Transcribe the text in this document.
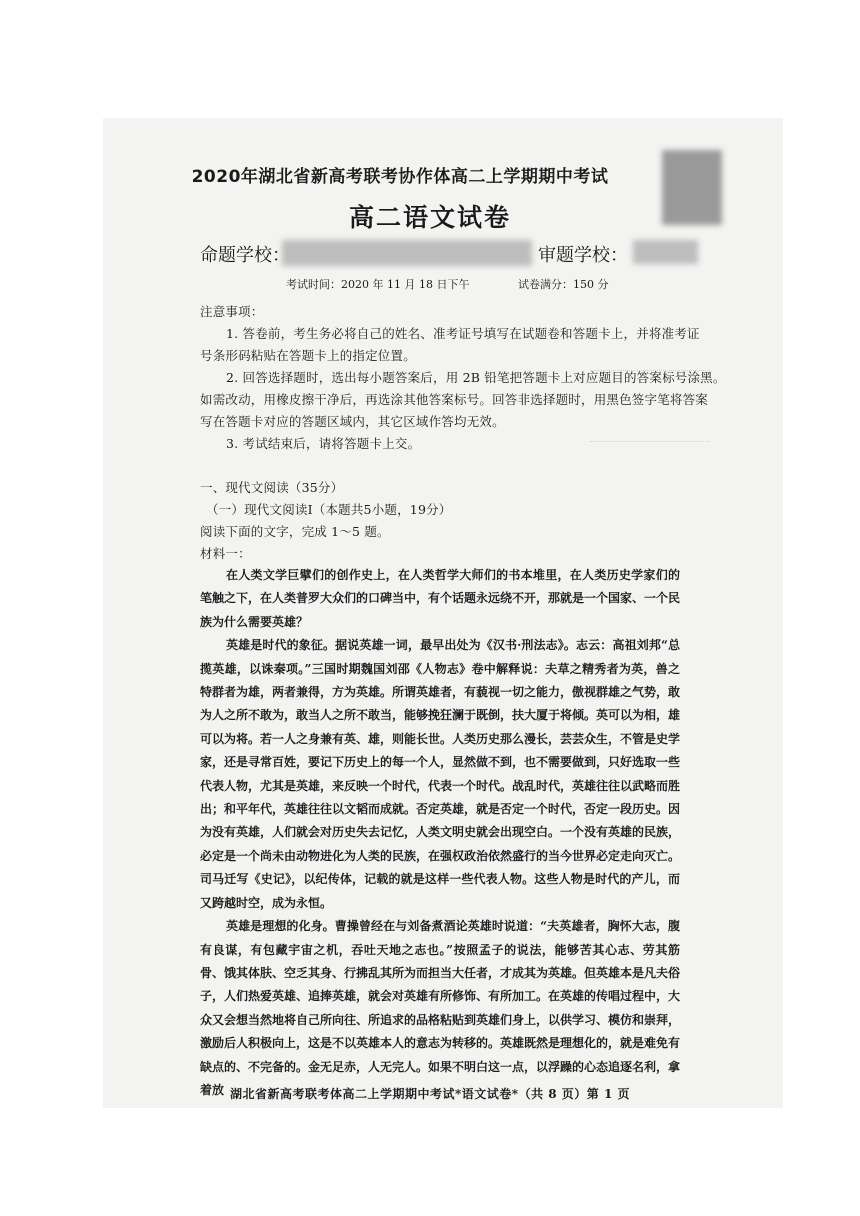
2020年湖北省新高考联考协作体高二上学期期中考试
高二语文试卷
命题学校：	审题学校：
考试时间：2020 年 11 月 18 日下午	试卷满分：150 分
注意事项：
1. 答卷前，考生务必将自己的姓名、准考证号填写在试题卷和答题卡上，并将准考证
号条形码粘贴在答题卡上的指定位置。
2. 回答选择题时，选出每小题答案后，用 2B 铅笔把答题卡上对应题目的答案标号涂黑。
如需改动，用橡皮擦干净后，再选涂其他答案标号。回答非选择题时，用黑色签字笔将答案
写在答题卡对应的答题区域内，其它区域作答均无效。
3. 考试结束后，请将答题卡上交。
一、现代文阅读（35分）
（一）现代文阅读Ⅰ（本题共5小题，19分）
阅读下面的文字，完成 1～5 题。
材料一：

在人类文学巨擘们的创作史上，在人类哲学大师们的书本堆里，在人类历史学家们的笔触之下，在人类普罗大众们的口碑当中，有个话题永远绕不开，那就是一个国家、一个民族为什么需要英雄？

英雄是时代的象征。据说英雄一词，最早出处为《汉书·刑法志》。志云：高祖刘邦“总揽英雄，以诛秦项。”三国时期魏国刘邵《人物志》卷中解释说：夫草之精秀者为英，兽之特群者为雄，两者兼得，方为英雄。所谓英雄者，有藐视一切之能力，傲视群雄之气势，敢为人之所不敢为，敢当人之所不敢当，能够挽狂澜于既倒，扶大厦于将倾。英可以为相，雄可以为将。若一人之身兼有英、雄，则能长世。人类历史那么漫长，芸芸众生，不管是史学家，还是寻常百姓，要记下历史上的每一个人，显然做不到，也不需要做到，只好选取一些代表人物，尤其是英雄，来反映一个时代，代表一个时代。战乱时代，英雄往往以武略而胜出；和平年代，英雄往往以文韬而成就。否定英雄，就是否定一个时代，否定一段历史。因为没有英雄，人们就会对历史失去记忆，人类文明史就会出现空白。一个没有英雄的民族，必定是一个尚未由动物进化为人类的民族，在强权政治依然盛行的当今世界必定走向灭亡。司马迁写《史记》，以纪传体，记载的就是这样一些代表人物。这些人物是时代的产儿，而又跨越时空，成为永恒。

英雄是理想的化身。曹操曾经在与刘备煮酒论英雄时说道：“夫英雄者，胸怀大志，腹有良谋，有包藏宇宙之机，吞吐天地之志也。”按照孟子的说法，能够苦其心志、劳其筋骨、饿其体肤、空乏其身、行拂乱其所为而担当大任者，才成其为英雄。但英雄本是凡夫俗子，人们热爱英雄、追捧英雄，就会对英雄有所修饰、有所加工。在英雄的传唱过程中，大众又会想当然地将自己所向往、所追求的品格粘贴到英雄们身上，以供学习、模仿和崇拜，激励后人积极向上，这是不以英雄本人的意志为转移的。英雄既然是理想化的，就是难免有缺点的、不完备的。金无足赤，人无完人。如果不明白这一点，以浮躁的心态追逐名利，拿着放 湖北省新高考联考体高二上学期期中考试*语文试卷*（共 8 页）第 1 页
